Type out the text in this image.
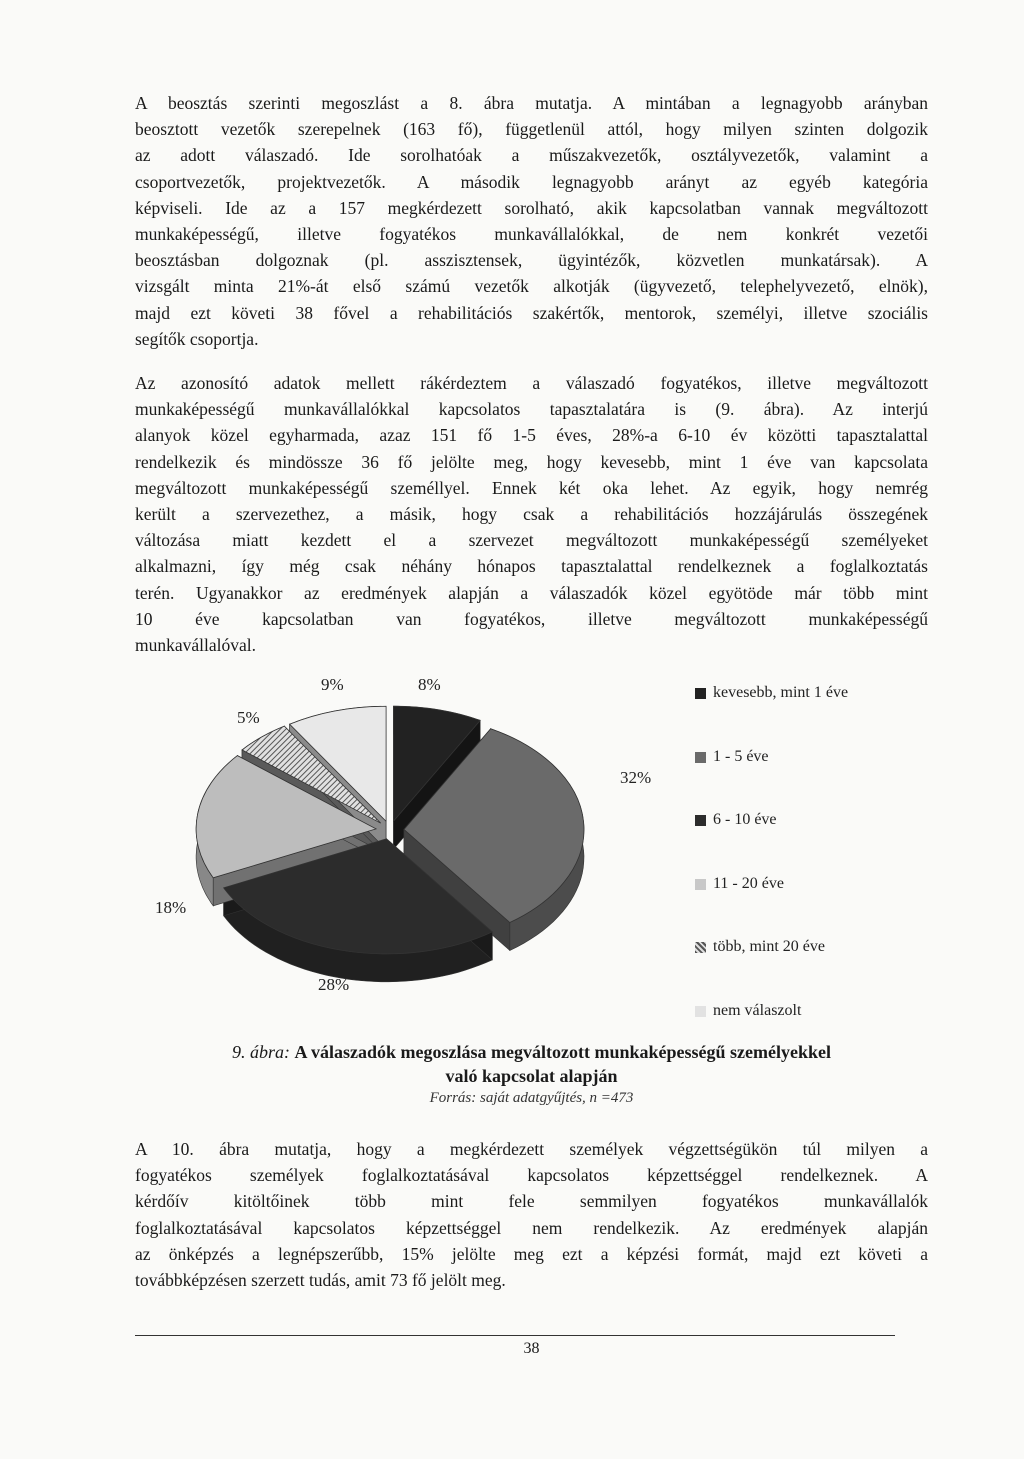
A beosztás szerinti megoszlást a 8. ábra mutatja. A mintában a legnagyobb arányban
beosztott vezetők szerepelnek (163 fő), függetlenül attól, hogy milyen szinten dolgozik
az adott válaszadó. Ide sorolhatóak a műszakvezetők, osztályvezetők, valamint a
csoportvezetők, projektvezetők. A második legnagyobb arányt az egyéb kategória
képviseli. Ide az a 157 megkérdezett sorolható, akik kapcsolatban vannak megváltozott
munkaképességű, illetve fogyatékos munkavállalókkal, de nem konkrét vezetői
beosztásban dolgoznak (pl. asszisztensek, ügyintézők, közvetlen munkatársak). A
vizsgált minta 21%-át első számú vezetők alkotják (ügyvezető, telephelyvezető, elnök),
majd ezt követi 38 fővel a rehabilitációs szakértők, mentorok, személyi, illetve szociális
segítők csoportja.
Az azonosító adatok mellett rákérdeztem a válaszadó fogyatékos, illetve megváltozott
munkaképességű munkavállalókkal kapcsolatos tapasztalatára is (9. ábra). Az interjú
alanyok közel egyharmada, azaz 151 fő 1-5 éves, 28%-a 6-10 év közötti tapasztalattal
rendelkezik és mindössze 36 fő jelölte meg, hogy kevesebb, mint 1 éve van kapcsolata
megváltozott munkaképességű személlyel. Ennek két oka lehet. Az egyik, hogy nemrég
került a szervezethez, a másik, hogy csak a rehabilitációs hozzájárulás összegének
változása miatt kezdett el a szervezet megváltozott munkaképességű személyeket
alkalmazni, így még csak néhány hónapos tapasztalattal rendelkeznek a foglalkoztatás
terén. Ugyanakkor az eredmények alapján a válaszadók közel egyötöde már több mint
10 éve kapcsolatban van fogyatékos, illetve megváltozott munkaképességű
munkavállalóval.
8%
32%
28%
18%
5%
9%	kevesebb, mint 1 éve
1 - 5 éve
6 - 10 éve
11 - 20 éve
több, mint 20 éve
nem válaszolt
9. ábra: A válaszadók megoszlása megváltozott munkaképességű személyekkel
való kapcsolat alapján
Forrás: saját adatgyűjtés, n =473
A 10. ábra mutatja, hogy a megkérdezett személyek végzettségükön túl milyen a
fogyatékos személyek foglalkoztatásával kapcsolatos képzettséggel rendelkeznek. A
kérdőív kitöltőinek több mint fele semmilyen fogyatékos munkavállalók
foglalkoztatásával kapcsolatos képzettséggel nem rendelkezik. Az eredmények alapján
az önképzés a legnépszerűbb, 15% jelölte meg ezt a képzési formát, majd ezt követi a
továbbképzésen szerzett tudás, amit 73 fő jelölt meg.
38
